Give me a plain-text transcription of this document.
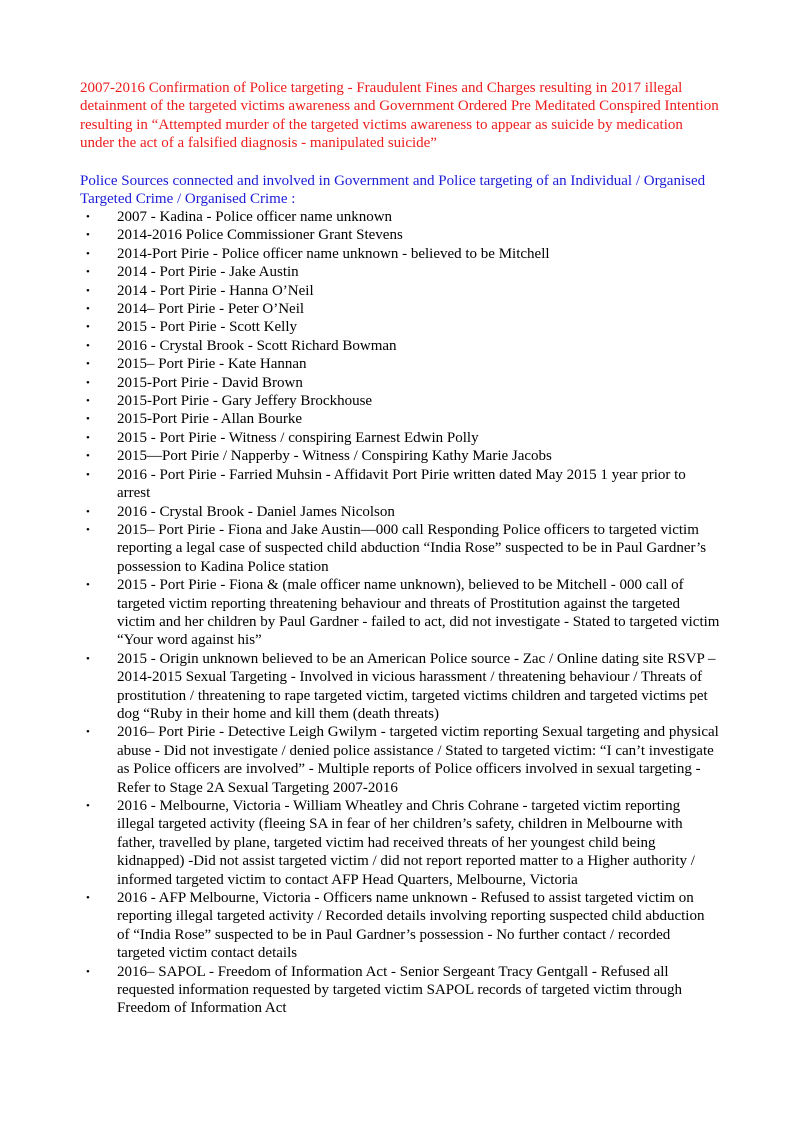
2007-2016 Confirmation of Police targeting - Fraudulent Fines and Charges resulting in 2017 illegal detainment of the targeted victims awareness and Government Ordered Pre Meditated Conspired Intention resulting in “Attempted murder of the targeted victims awareness to appear as suicide by medication under the act of a falsified diagnosis - manipulated suicide”

Police Sources connected and involved in Government and Police targeting of an Individual / Organised Targeted Crime / Organised Crime :

• 2007 - Kadina - Police officer name unknown
• 2014-2016 Police Commissioner Grant Stevens
• 2014-Port Pirie - Police officer name unknown - believed to be Mitchell
• 2014 - Port Pirie - Jake Austin
• 2014 - Port Pirie - Hanna O’Neil
• 2014– Port Pirie - Peter O’Neil
• 2015 - Port Pirie - Scott Kelly
• 2016 - Crystal Brook - Scott Richard Bowman
• 2015– Port Pirie - Kate Hannan
• 2015-Port Pirie - David Brown
• 2015-Port Pirie - Gary Jeffery Brockhouse
• 2015-Port Pirie - Allan Bourke
• 2015 - Port Pirie - Witness / conspiring Earnest Edwin Polly
• 2015—Port Pirie / Napperby - Witness / Conspiring Kathy Marie Jacobs
• 2016 - Port Pirie - Farried Muhsin - Affidavit Port Pirie written dated May 2015 1 year prior to arrest
• 2016 - Crystal Brook - Daniel James Nicolson
• 2015– Port Pirie - Fiona and Jake Austin—000 call Responding Police officers to targeted victim reporting a legal case of suspected child abduction “India Rose” suspected to be in Paul Gardner’s possession to Kadina Police station
• 2015 - Port Pirie - Fiona & (male officer name unknown), believed to be Mitchell - 000 call of targeted victim reporting threatening behaviour and threats of Prostitution against the targeted victim and her children by Paul Gardner - failed to act, did not investigate - Stated to targeted victim “Your word against his”
• 2015 - Origin unknown believed to be an American Police source - Zac / Online dating site RSVP –2014-2015 Sexual Targeting - Involved in vicious harassment / threatening behaviour / Threats of prostitution / threatening to rape targeted victim, targeted victims children and targeted victims pet dog “Ruby in their home and kill them (death threats)
• 2016– Port Pirie - Detective Leigh Gwilym - targeted victim reporting Sexual targeting and physical abuse - Did not investigate / denied police assistance / Stated to targeted victim: “I can’t investigate as Police officers are involved” - Multiple reports of Police officers involved in sexual targeting - Refer to Stage 2A Sexual Targeting 2007-2016
• 2016 - Melbourne, Victoria - William Wheatley and Chris Cohrane - targeted victim reporting illegal targeted activity (fleeing SA in fear of her children’s safety, children in Melbourne with father, travelled by plane, targeted victim had received threats of her youngest child being kidnapped) -Did not assist targeted victim / did not report reported matter to a Higher authority / informed targeted victim to contact AFP Head Quarters, Melbourne, Victoria
• 2016 - AFP Melbourne, Victoria - Officers name unknown - Refused to assist targeted victim on reporting illegal targeted activity / Recorded details involving reporting suspected child abduction of “India Rose” suspected to be in Paul Gardner’s possession - No further contact / recorded targeted victim contact details
• 2016– SAPOL - Freedom of Information Act - Senior Sergeant Tracy Gentgall - Refused all requested information requested by targeted victim SAPOL records of targeted victim through Freedom of Information Act
